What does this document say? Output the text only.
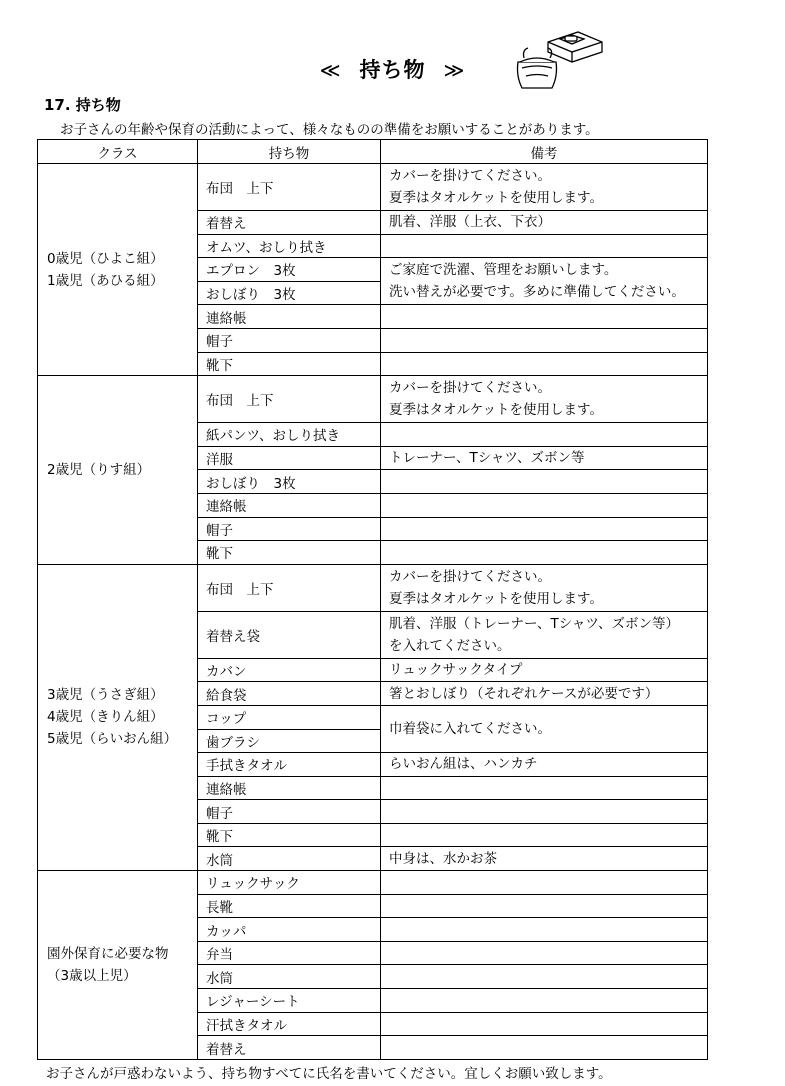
≪ 持ち物 ≫
17. 持ち物
お子さんの年齢や保育の活動によって、様々なものの準備をお願いすることがあります。
クラス	持ち物	備考

0歳児（ひよこ組）
1歳児（あひる組）	布団　上下	カバーを掛けてください。
夏季はタオルケットを使用します。

	着替え	肌着、洋服（上衣、下衣）

	オムツ、おしり拭き	
	エプロン　3枚	ご家庭で洗濯、管理をお願いします。
洗い替えが必要です。多めに準備してください。

	おしぼり　3枚	
	連絡帳	
	帽子	
	靴下	

2歳児（りす組）	布団　上下	カバーを掛けてください。
夏季はタオルケットを使用します。

	紙パンツ、おしり拭き	
	洋服	トレーナー、Tシャツ、ズボン等

	おしぼり　3枚	
	連絡帳	
	帽子	
	靴下	

3歳児（うさぎ組）
4歳児（きりん組）
5歳児（らいおん組）	布団　上下	カバーを掛けてください。
夏季はタオルケットを使用します。

	着替え袋	肌着、洋服（トレーナー、Tシャツ、ズボン等）
を入れてください。

	カバン	リュックサックタイプ

	給食袋	箸とおしぼり（それぞれケースが必要です）

	コップ	巾着袋に入れてください。

	歯ブラシ	
	手拭きタオル	らいおん組は、ハンカチ

	連絡帳	
	帽子	
	靴下	
	水筒	中身は、水かお茶

園外保育に必要な物
（3歳以上児）	リュックサック	
	長靴	
	カッパ	
	弁当	
	水筒	
	レジャーシート	
	汗拭きタオル	
	着替え	
お子さんが戸惑わないよう、持ち物すべてに氏名を書いてください。宜しくお願い致します。
